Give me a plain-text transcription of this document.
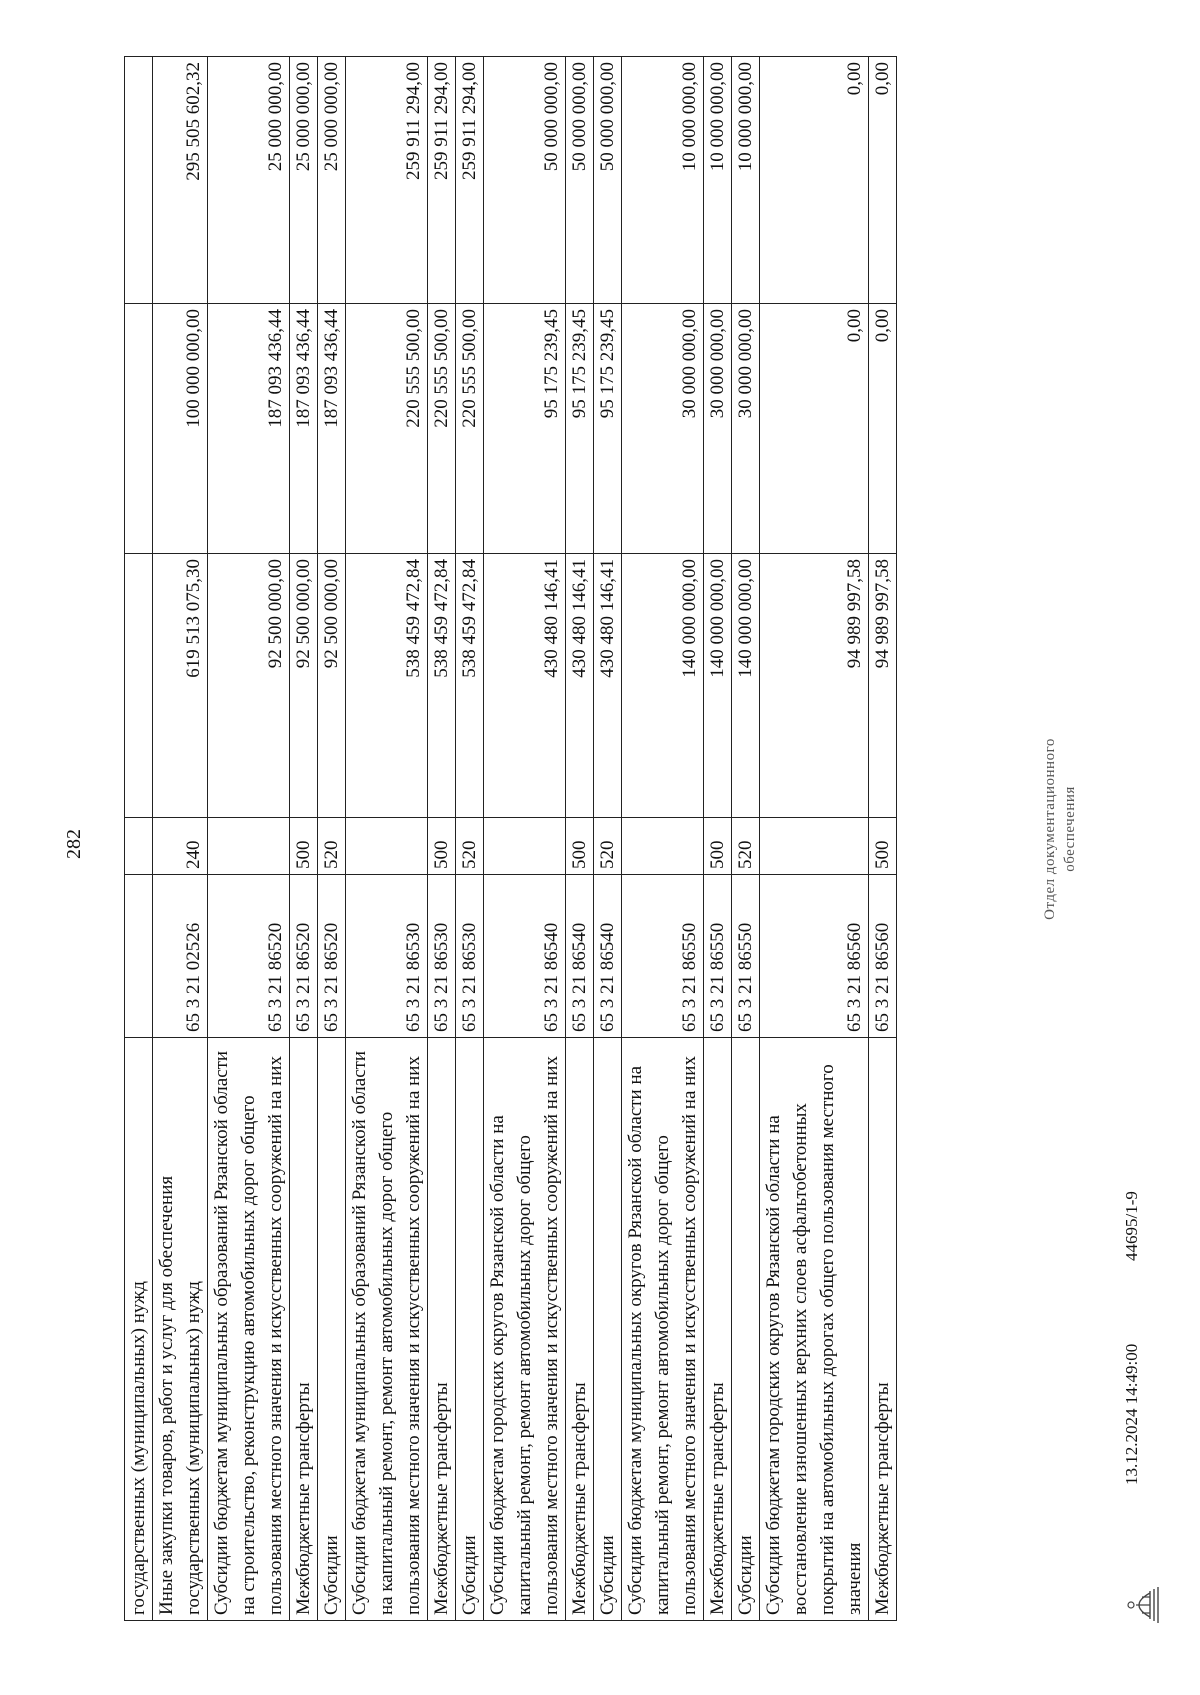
282
государственных (муниципальных) нужд					
Иные закупки товаров, работ и услуг для обеспечения государственных (муниципальных) нужд	65 3 21 02526	240	619 513 075,30	100 000 000,00	295 505 602,32
Субсидии бюджетам муниципальных образований Рязанской области на строительство, реконструкцию автомобильных дорог общего пользования местного значения и искусственных сооружений на них	65 3 21 86520		92 500 000,00	187 093 436,44	25 000 000,00
Межбюджетные трансферты	65 3 21 86520	500	92 500 000,00	187 093 436,44	25 000 000,00
Субсидии	65 3 21 86520	520	92 500 000,00	187 093 436,44	25 000 000,00
Субсидии бюджетам муниципальных образований Рязанской области на капитальный ремонт, ремонт автомобильных дорог общего пользования местного значения и искусственных сооружений на них	65 3 21 86530		538 459 472,84	220 555 500,00	259 911 294,00
Межбюджетные трансферты	65 3 21 86530	500	538 459 472,84	220 555 500,00	259 911 294,00
Субсидии	65 3 21 86530	520	538 459 472,84	220 555 500,00	259 911 294,00
Субсидии бюджетам городских округов Рязанской области на капитальный ремонт, ремонт автомобильных дорог общего пользования местного значения и искусственных сооружений на них	65 3 21 86540		430 480 146,41	95 175 239,45	50 000 000,00
Межбюджетные трансферты	65 3 21 86540	500	430 480 146,41	95 175 239,45	50 000 000,00
Субсидии	65 3 21 86540	520	430 480 146,41	95 175 239,45	50 000 000,00
Субсидии бюджетам муниципальных округов Рязанской области на капитальный ремонт, ремонт автомобильных дорог общего пользования местного значения и искусственных сооружений на них	65 3 21 86550		140 000 000,00	30 000 000,00	10 000 000,00
Межбюджетные трансферты	65 3 21 86550	500	140 000 000,00	30 000 000,00	10 000 000,00
Субсидии	65 3 21 86550	520	140 000 000,00	30 000 000,00	10 000 000,00
Субсидии бюджетам городских округов Рязанской области на восстановление изношенных верхних слоев асфальтобетонных покрытий на автомобильных дорогах общего пользования местного значения	65 3 21 86560		94 989 997,58	0,00	0,00
Межбюджетные трансферты	65 3 21 86560	500	94 989 997,58	0,00	0,00
13.12.2024 14:49:00
44695/1-9
Отдел документационного обеспечения
